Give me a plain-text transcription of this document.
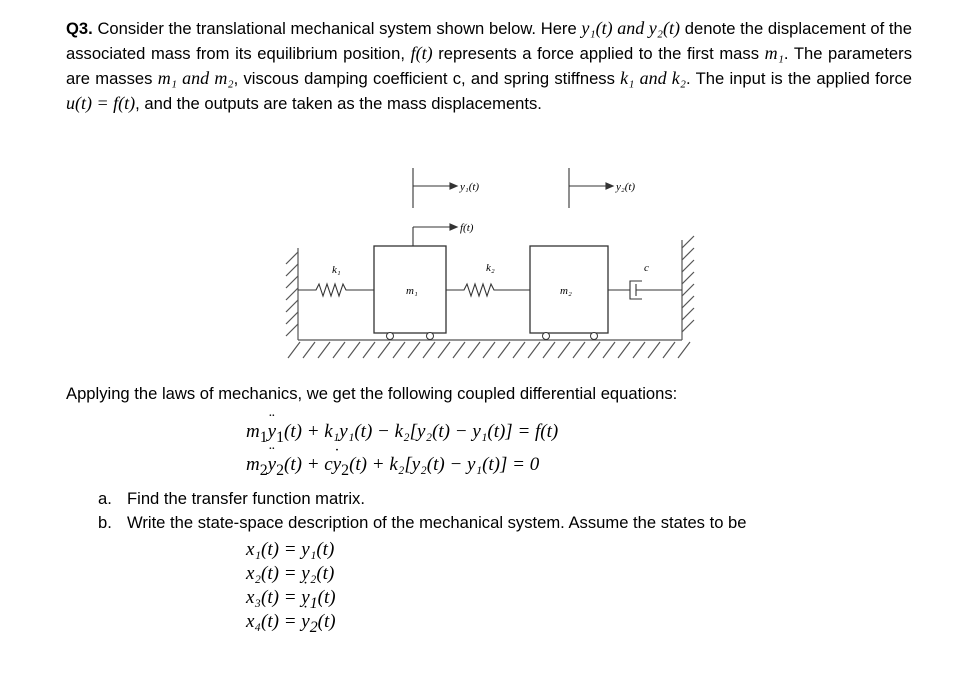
Q3. Consider the translational mechanical system shown below. Here y₁(t) and y₂(t) denote the displacement of the associated mass from its equilibrium position, f(t) represents a force applied to the first mass m₁. The parameters are masses m₁ and m₂, viscous damping coefficient c, and spring stiffness k₁ and k₂. The input is the applied force u(t) = f(t), and the outputs are taken as the mass displacements.
y₁(t)	y₂(t)
f(t)
k₁	k₂	c
m₁	m₂
Applying the laws of mechanics, we get the following coupled differential equations:
$m_1y$ $¨_1(t) + k_1y_1(t) - k_2[y_2(t) - y_1(t)] = f(t)$
$m_2y$ $¨_2(t)$ + cy $˙_2(t) + k_2[y_2(t) - y_1(t)] = 0$
a. Find the transfer function matrix.
b. Write the state-space description of the mechanical system. Assume the states to be
x₁(t) = y₁(t)
x₂(t) = y₂(t)
x₃(t) = y $˙_1(t)$
x₄(t) = y $˙_2(t)$
